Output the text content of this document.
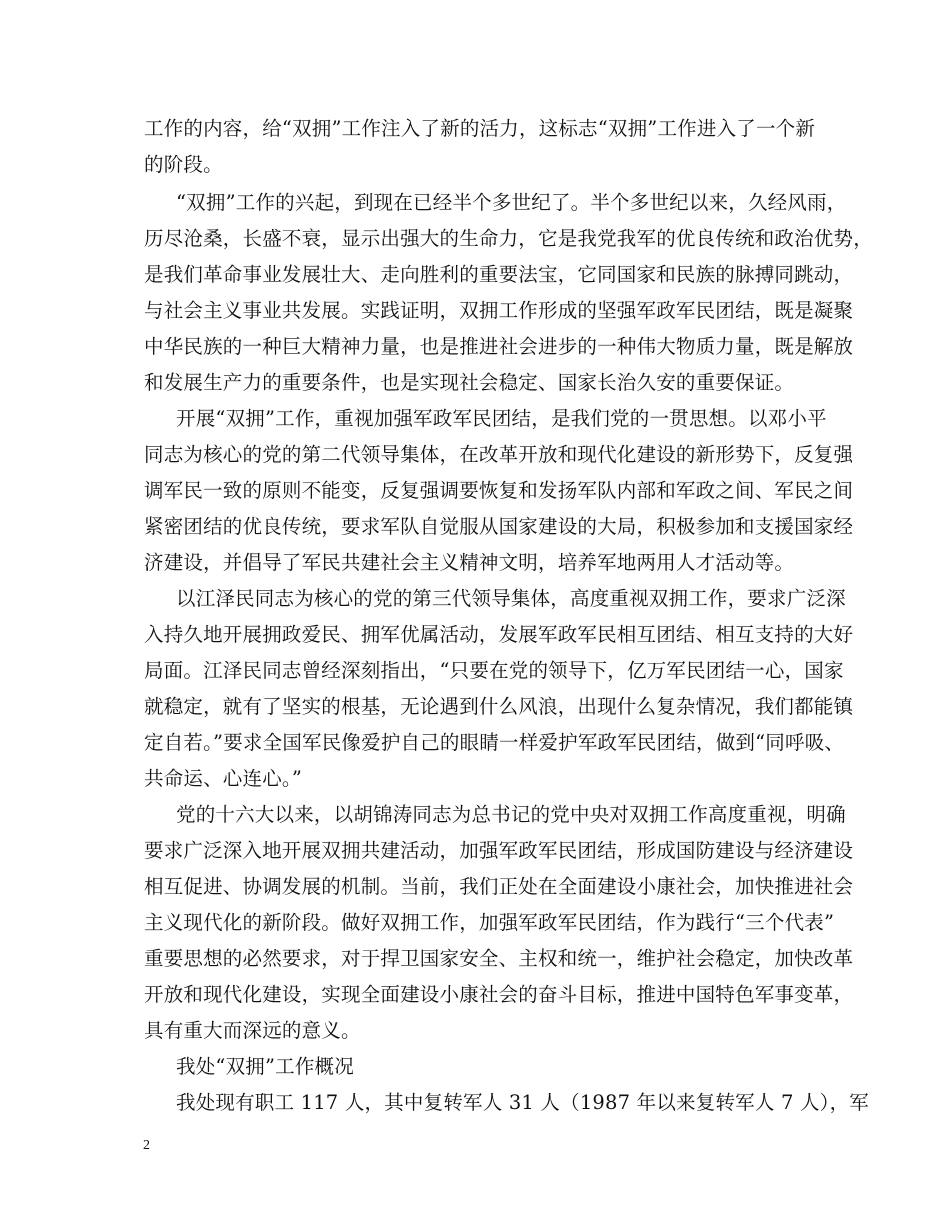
工作的内容，给“双拥”工作注入了新的活力，这标志“双拥”工作进入了一个新
的阶段。
“双拥”工作的兴起，到现在已经半个多世纪了。半个多世纪以来，久经风雨，
历尽沧桑，长盛不衰，显示出强大的生命力，它是我党我军的优良传统和政治优势，
是我们革命事业发展壮大、走向胜利的重要法宝，它同国家和民族的脉搏同跳动，
与社会主义事业共发展。实践证明，双拥工作形成的坚强军政军民团结，既是凝聚
中华民族的一种巨大精神力量，也是推进社会进步的一种伟大物质力量，既是解放
和发展生产力的重要条件，也是实现社会稳定、国家长治久安的重要保证。
开展“双拥”工作，重视加强军政军民团结，是我们党的一贯思想。以邓小平
同志为核心的党的第二代领导集体，在改革开放和现代化建设的新形势下，反复强
调军民一致的原则不能变，反复强调要恢复和发扬军队内部和军政之间、军民之间
紧密团结的优良传统，要求军队自觉服从国家建设的大局，积极参加和支援国家经
济建设，并倡导了军民共建社会主义精神文明，培养军地两用人才活动等。
以江泽民同志为核心的党的第三代领导集体，高度重视双拥工作，要求广泛深
入持久地开展拥政爱民、拥军优属活动，发展军政军民相互团结、相互支持的大好
局面。江泽民同志曾经深刻指出，“只要在党的领导下，亿万军民团结一心，国家
就稳定，就有了坚实的根基，无论遇到什么风浪，出现什么复杂情况，我们都能镇
定自若。”要求全国军民像爱护自己的眼睛一样爱护军政军民团结，做到“同呼吸、
共命运、心连心。”
党的十六大以来，以胡锦涛同志为总书记的党中央对双拥工作高度重视，明确
要求广泛深入地开展双拥共建活动，加强军政军民团结，形成国防建设与经济建设
相互促进、协调发展的机制。当前，我们正处在全面建设小康社会，加快推进社会
主义现代化的新阶段。做好双拥工作，加强军政军民团结，作为践行“三个代表”
重要思想的必然要求，对于捍卫国家安全、主权和统一，维护社会稳定，加快改革
开放和现代化建设，实现全面建设小康社会的奋斗目标，推进中国特色军事变革，
具有重大而深远的意义。
我处“双拥”工作概况
我处现有职工 117 人，其中复转军人 31 人（1987 年以来复转军人 7 人），军
2
